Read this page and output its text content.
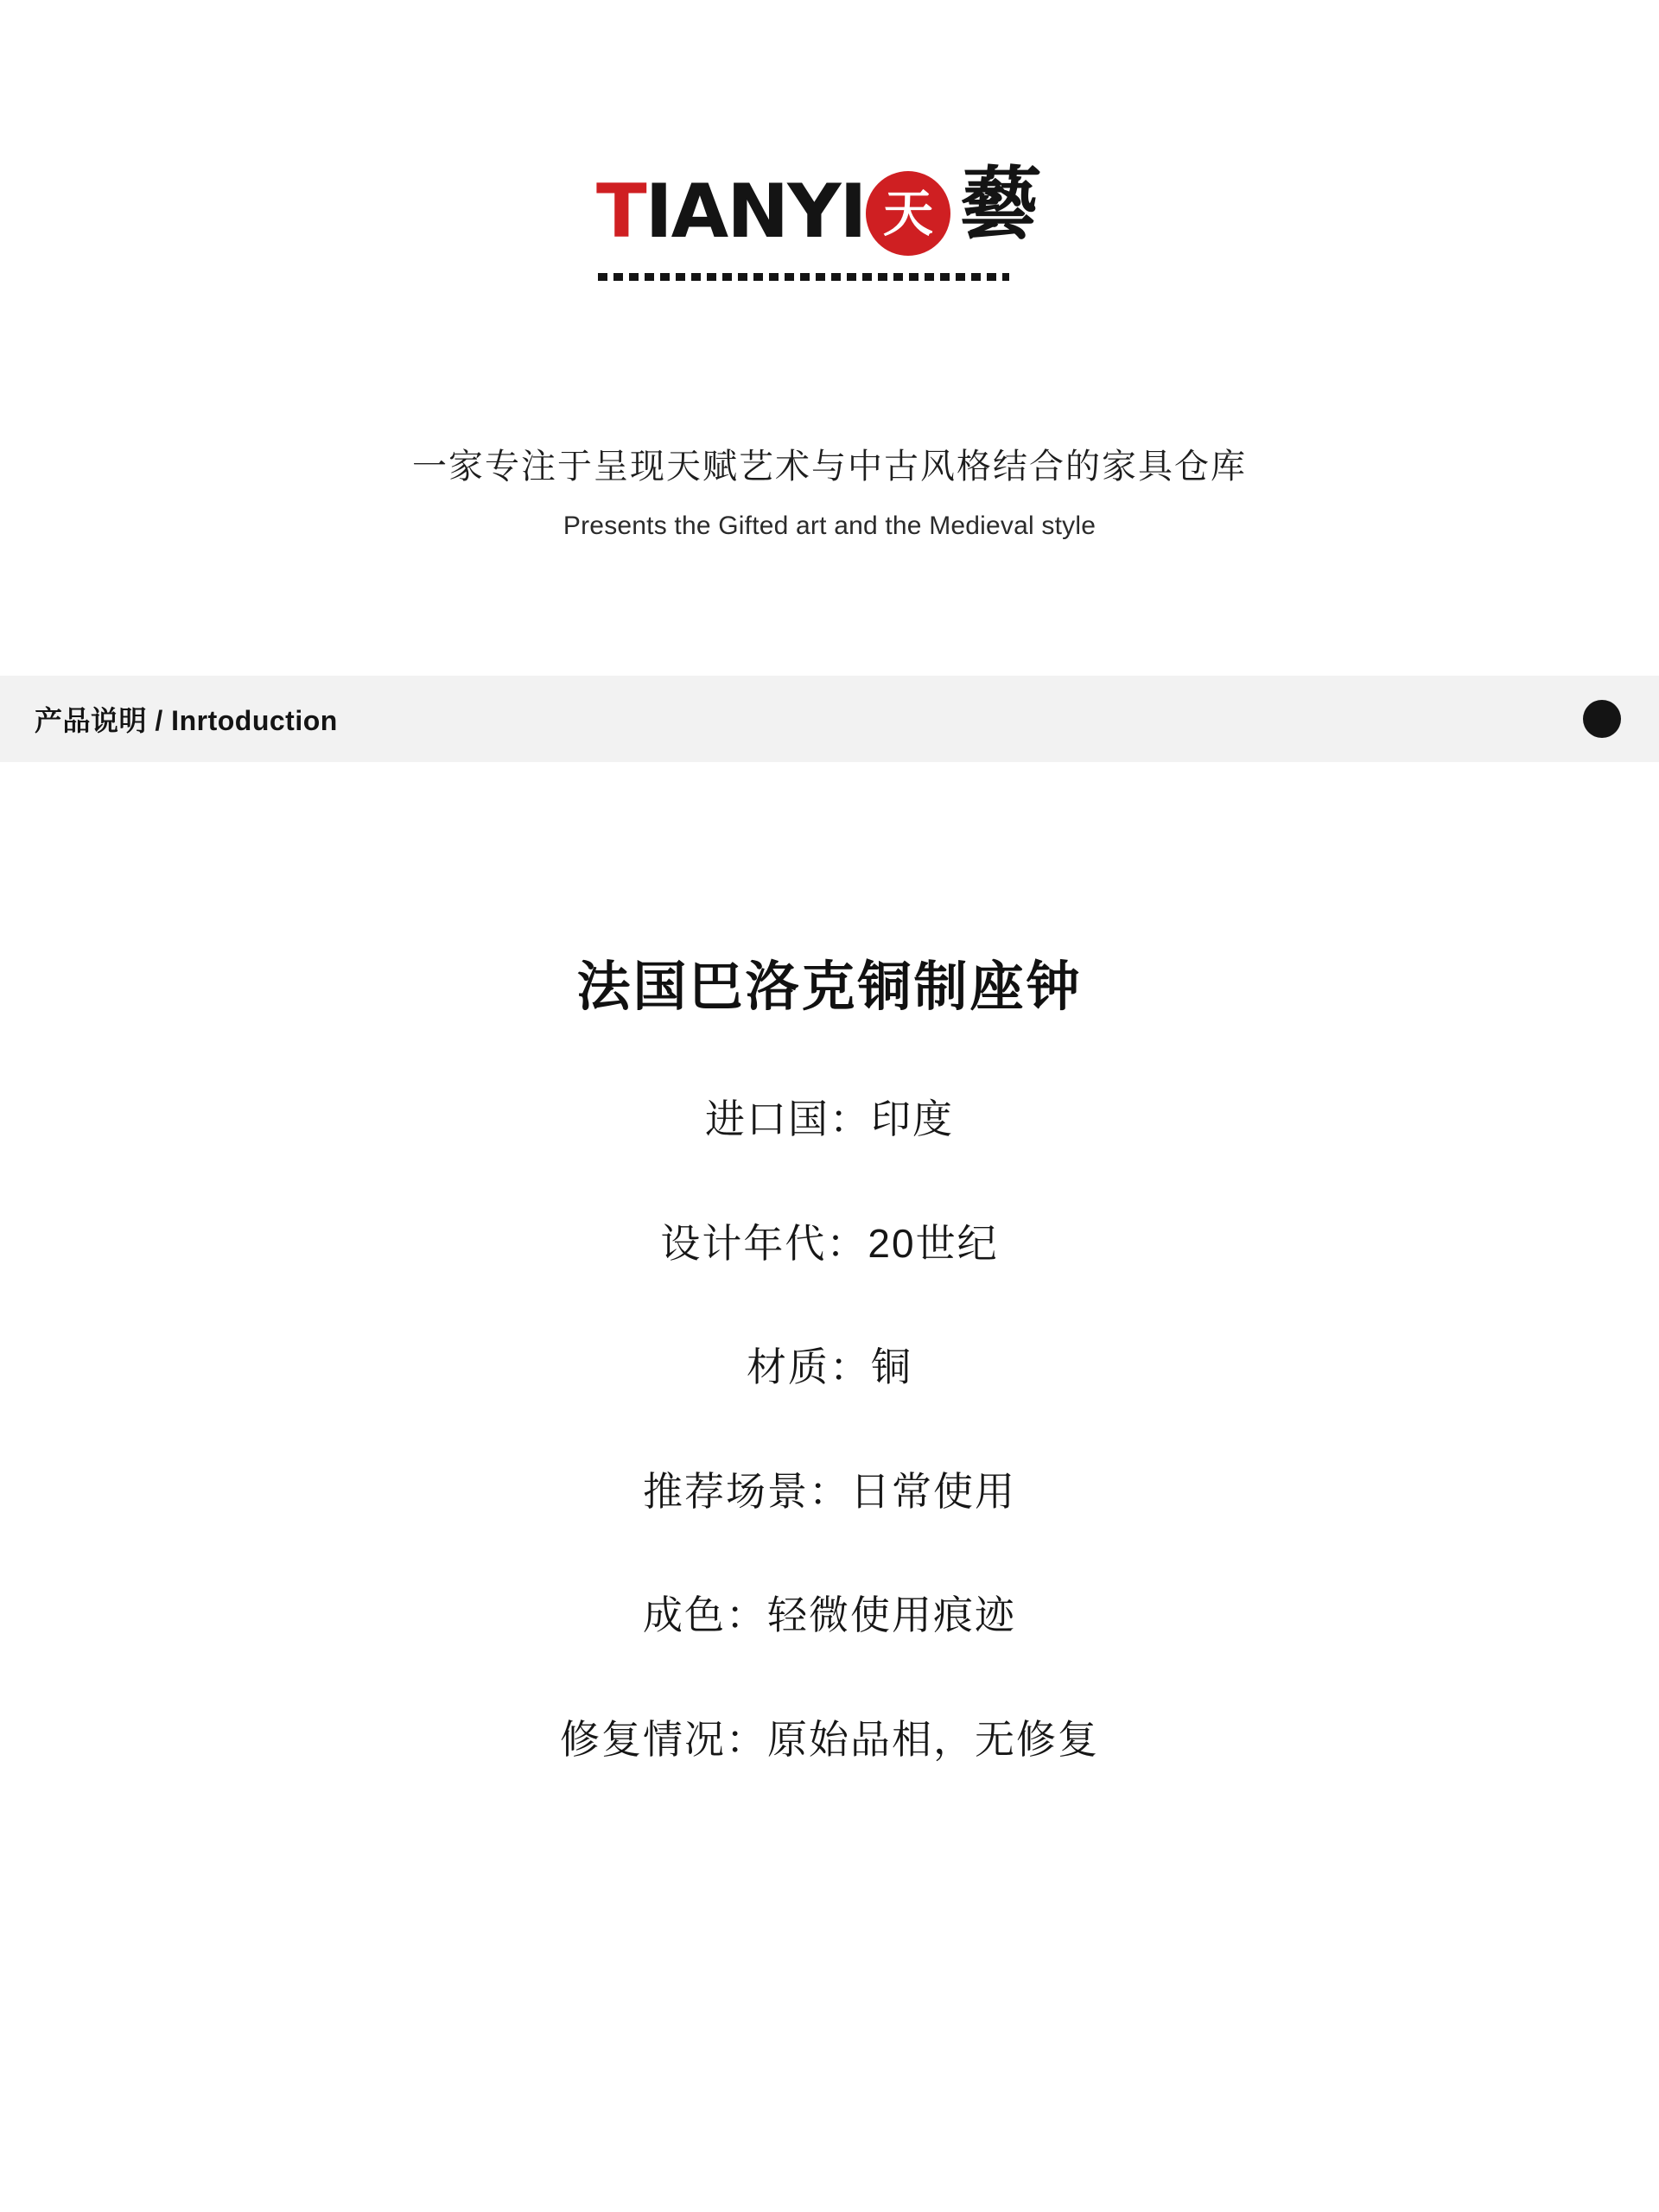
TIANYI 天 藝
一家专注于呈现天赋艺术与中古风格结合的家具仓库
Presents the Gifted art and the Medieval style
产品说明 / Inrtoduction
法国巴洛克铜制座钟
进口国：印度
设计年代：20世纪
材质：铜
推荐场景：日常使用
成色：轻微使用痕迹
修复情况：原始品相，无修复
